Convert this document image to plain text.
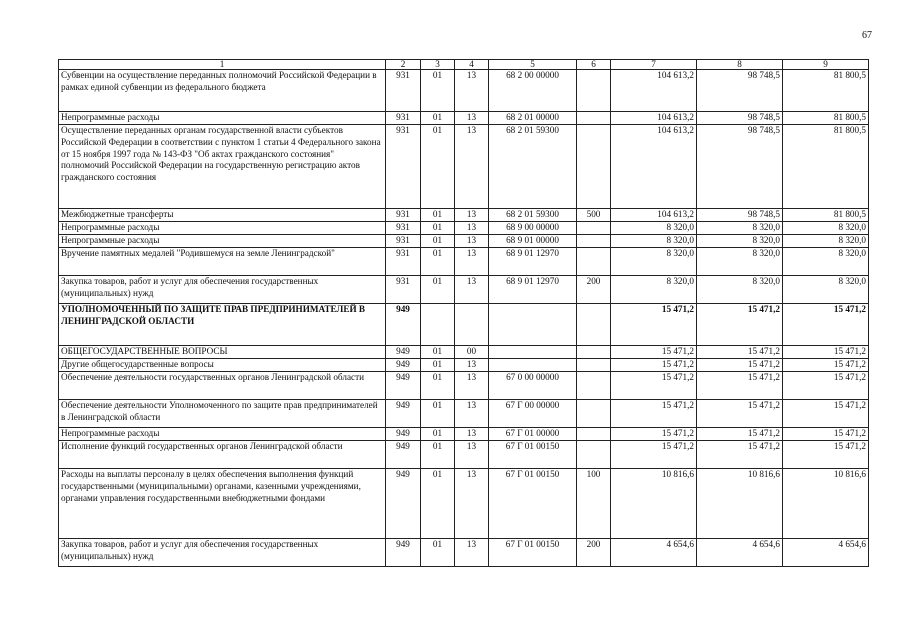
67
1	2	3	4	5	6	7	8	9
Субвенции на осуществление переданных полномочий Российской Федерации в рамках единой субвенции из федерального бюджета	931	01	13	68 2 00 00000		104 613,2	98 748,5	81 800,5
Непрограммные расходы	931	01	13	68 2 01 00000		104 613,2	98 748,5	81 800,5
Осуществление переданных органам государственной власти субъектов Российской Федерации в соответствии с пунктом 1 статьи 4 Федерального закона от 15 ноября 1997 года № 143-ФЗ "Об актах гражданского состояния" полномочий Российской Федерации на государственную регистрацию актов гражданского состояния	931	01	13	68 2 01 59300		104 613,2	98 748,5	81 800,5
Межбюджетные трансферты	931	01	13	68 2 01 59300	500	104 613,2	98 748,5	81 800,5
Непрограммные расходы	931	01	13	68 9 00 00000		8 320,0	8 320,0	8 320,0
Непрограммные расходы	931	01	13	68 9 01 00000		8 320,0	8 320,0	8 320,0
Вручение памятных медалей "Родившемуся на земле Ленинградской"	931	01	13	68 9 01 12970		8 320,0	8 320,0	8 320,0
Закупка товаров, работ и услуг для обеспечения государственных (муниципальных) нужд	931	01	13	68 9 01 12970	200	8 320,0	8 320,0	8 320,0
УПОЛНОМОЧЕННЫЙ ПО ЗАЩИТЕ ПРАВ ПРЕДПРИНИМАТЕЛЕЙ В ЛЕНИНГРАДСКОЙ ОБЛАСТИ	949					15 471,2	15 471,2	15 471,2
ОБЩЕГОСУДАРСТВЕННЫЕ ВОПРОСЫ	949	01	00			15 471,2	15 471,2	15 471,2
Другие общегосударственные вопросы	949	01	13			15 471,2	15 471,2	15 471,2
Обеспечение деятельности государственных органов Ленинградской области	949	01	13	67 0 00 00000		15 471,2	15 471,2	15 471,2
Обеспечение деятельности Уполномоченного по защите прав предпринимателей в Ленинградской области	949	01	13	67 Г 00 00000		15 471,2	15 471,2	15 471,2
Непрограммные расходы	949	01	13	67 Г 01 00000		15 471,2	15 471,2	15 471,2
Исполнение функций государственных органов Ленинградской области	949	01	13	67 Г 01 00150		15 471,2	15 471,2	15 471,2
Расходы на выплаты персоналу в целях обеспечения выполнения функций государственными (муниципальными) органами, казенными учреждениями, органами управления государственными внебюджетными фондами	949	01	13	67 Г 01 00150	100	10 816,6	10 816,6	10 816,6
Закупка товаров, работ и услуг для обеспечения государственных (муниципальных) нужд	949	01	13	67 Г 01 00150	200	4 654,6	4 654,6	4 654,6
